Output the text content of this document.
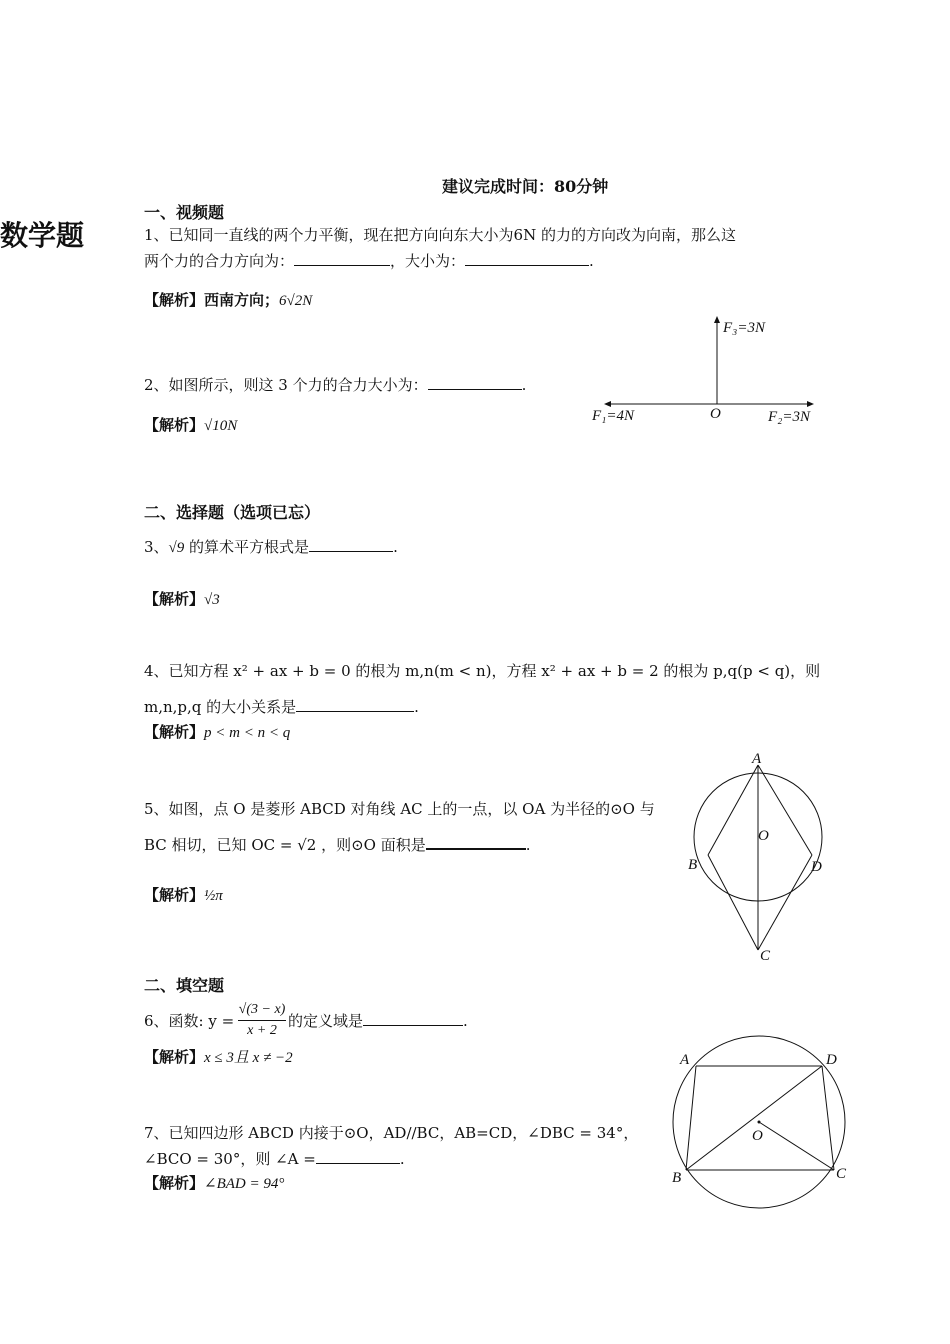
数学题
建议完成时间：80分钟
一、视频题
1、已知同一直线的两个力平衡，现在把方向向东大小为6N 的力的方向改为向南，那么这
两个力的合力方向为：	，大小为：	.
【解析】西南方向；6√2N
2、如图所示，则这 3 个力的合力大小为：	.
【解析】√10N
F₃=3N
F₁=4N	O	F₂=3N
二、选择题（选项已忘）
3、√9 的算术平方根式是	.
【解析】√3
4、已知方程 x² + ax + b = 0 的根为 m,n(m < n)，方程 x² + ax + b = 2 的根为 p,q(p < q)，则
m,n,p,q 的大小关系是	.
【解析】p < m < n < q
5、如图，点 O 是菱形 ABCD 对角线 AC 上的一点，以 OA 为半径的⊙O 与
BC 相切，已知 OC = √2 ，则⊙O 面积是	.
【解析】½π
A
O
B	D
C
二、填空题
6、函数: $y = \frac{√(3 - x)}{x + 2}$ 的定义域是	.
【解析】x ≤ 3且 x ≠ −2
7、已知四边形 ABCD 内接于⊙O，AD//BC，AB=CD，∠DBC = 34°，
∠BCO = 30°，则 ∠A =	.
【解析】∠BAD = 94°
A	D
O
B	C
